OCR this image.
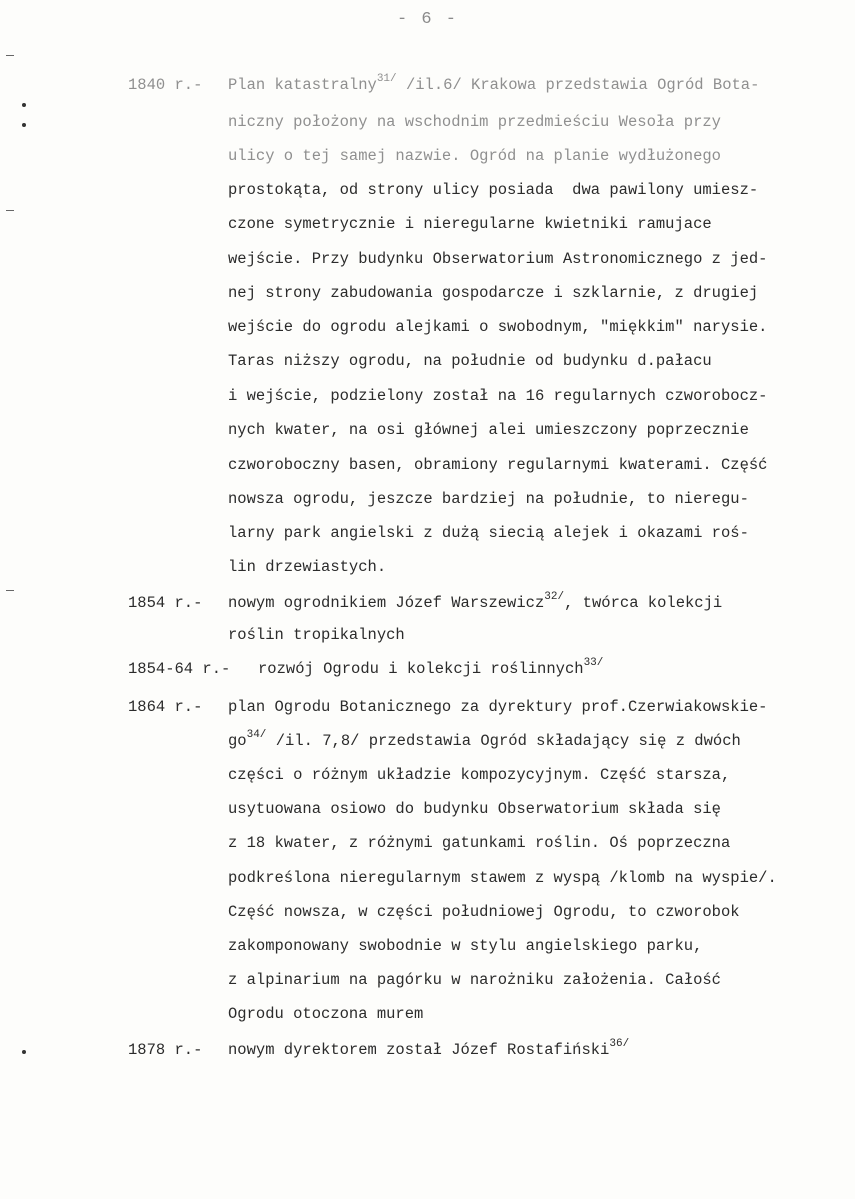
- 6 -
1840 r.- Plan katastralny$^{31/}$ /il.6/ Krakowa przedstawia Ogród Bota-
niczny położony na wschodnim przedmieściu Wesoła przy
ulicy o tej samej nazwie. Ogród na planie wydłużonego
prostokąta, od strony ulicy posiada  dwa pawilony umiesz-
czone symetrycznie i nieregularne kwietniki ramujace
wejście. Przy budynku Obserwatorium Astronomicznego z jed-
nej strony zabudowania gospodarcze i szklarnie, z drugiej
wejście do ogrodu alejkami o swobodnym, "miękkim" narysie.
Taras niższy ogrodu, na południe od budynku d.pałacu
i wejście, podzielony został na 16 regularnych czworobocz-
nych kwater, na osi głównej alei umieszczony poprzecznie
czworoboczny basen, obramiony regularnymi kwaterami. Część
nowsza ogrodu, jeszcze bardziej na południe, to nieregu-
larny park angielski z dużą siecią alejek i okazami roś-
lin drzewiastych.
1854 r.- nowym ogrodnikiem Józef Warszewicz$^{32/}$, twórca kolekcji
roślin tropikalnych
1854-64 r.- rozwój Ogrodu i kolekcji roślinnych$^{33/}$
1864 r.- plan Ogrodu Botanicznego za dyrektury prof.Czerwiakowskie-
$go^{34/}$ /il. 7,8/ przedstawia Ogród składający się z dwóch
części o różnym układzie kompozycyjnym. Część starsza,
usytuowana osiowo do budynku Obserwatorium składa się
z 18 kwater, z różnymi gatunkami roślin. Oś poprzeczna
podkreślona nieregularnym stawem z wyspą /klomb na wyspie/.
Część nowsza, w części południowej Ogrodu, to czworobok
zakomponowany swobodnie w stylu angielskiego parku,
z alpinarium na pagórku w narożniku założenia. Całość
Ogrodu otoczona murem
1878 r.- nowym dyrektorem został Józef Rostafiński$^{36/}$
